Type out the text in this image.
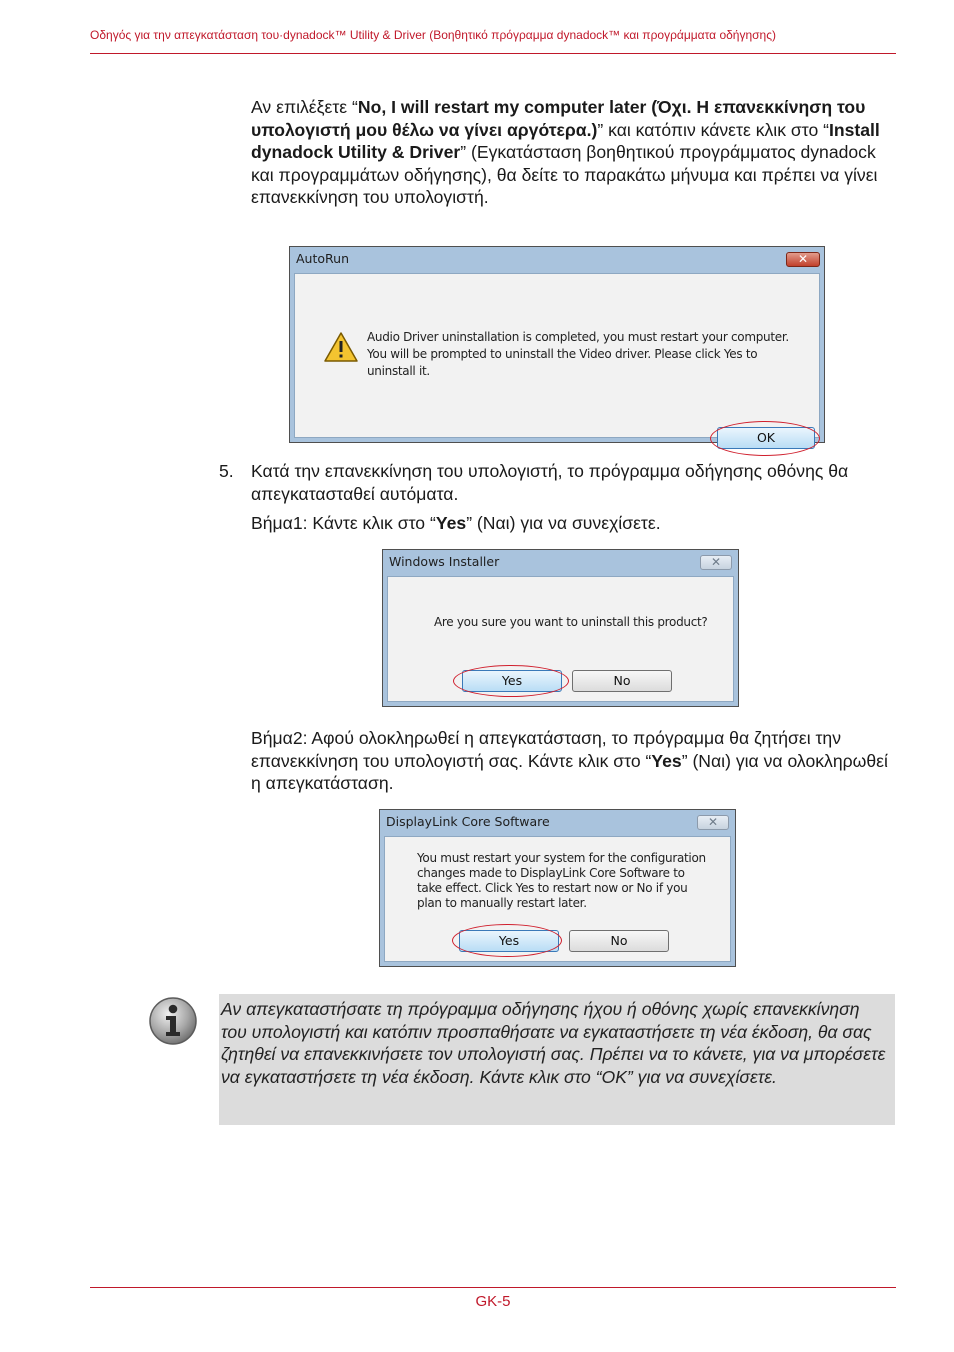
Οδηγός για την απεγκατάσταση του·dynadock™ Utility & Driver (Βοηθητικό πρόγραμμα dynadock™ και προγράμματα οδήγησης)
Αν επιλέξετε “No, I will restart my computer later (Όχι. Η επανεκκίνηση του υπολογιστή μου θέλω να γίνει αργότερα.)” και κατόπιν κάνετε κλικ στο “Install dynadock Utility & Driver” (Εγκατάσταση βοηθητικού προγράμματος dynadock και προγραμμάτων οδήγησης), θα δείτε το παρακάτω μήνυμα και πρέπει να γίνει επανεκκίνηση του υπολογιστή.
AutoRun	✕
Audio Driver uninstallation is completed, you must restart your computer. You will be prompted to uninstall the Video driver. Please click Yes to uninstall it.
OK
5. Κατά την επανεκκίνηση του υπολογιστή, το πρόγραμμα οδήγησης οθόνης θα απεγκατασταθεί αυτόματα.
Βήμα1: Κάντε κλικ στο “Yes” (Ναι) για να συνεχίσετε.
Windows Installer	✕
Are you sure you want to uninstall this product?
Yes	No
Βήμα2: Αφού ολοκληρωθεί η απεγκατάσταση, το πρόγραμμα θα ζητήσει την επανεκκίνηση του υπολογιστή σας. Κάντε κλικ στο “Yes” (Ναι) για να ολοκληρωθεί η απεγκατάσταση.
DisplayLink Core Software	✕
You must restart your system for the configuration changes made to DisplayLink Core Software to take effect. Click Yes to restart now or No if you plan to manually restart later.
Yes	No
Αν απεγκαταστήσατε τη πρόγραμμα οδήγησης ήχου ή οθόνης χωρίς επανεκκίνηση του υπολογιστή και κατόπιν προσπαθήσατε να εγκαταστήσετε τη νέα έκδοση, θα σας ζητηθεί να επανεκκινήσετε τον υπολογιστή σας. Πρέπει να το κάνετε, για να μπορέσετε να εγκαταστήσετε τη νέα έκδοση. Κάντε κλικ στο “OK” για να συνεχίσετε.
GK-5
